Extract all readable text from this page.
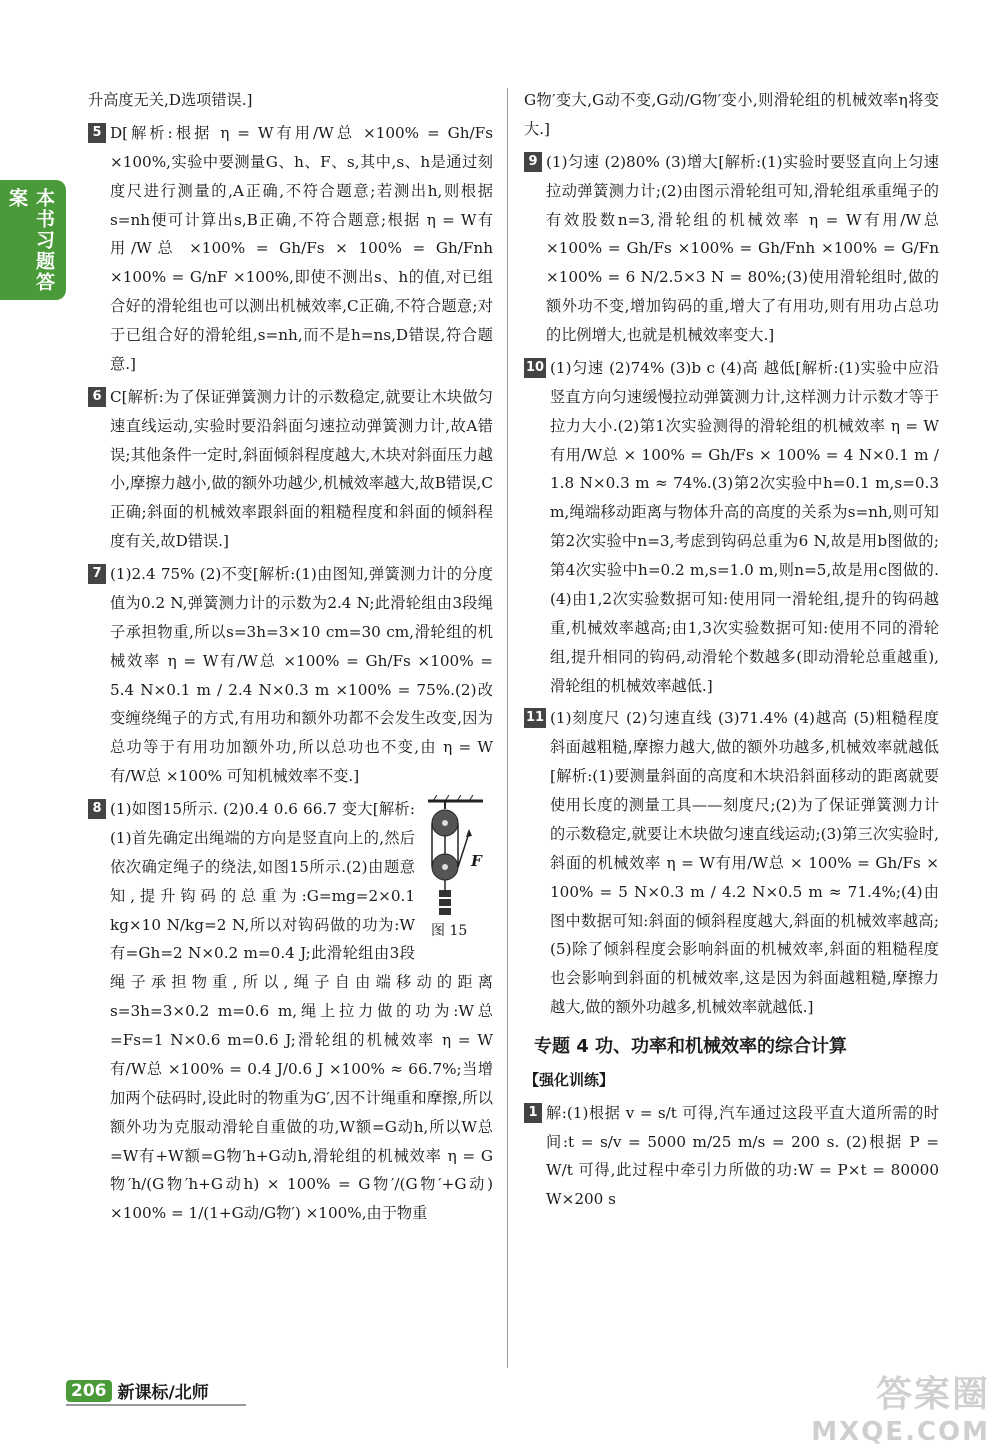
本书习题答案

升高度无关,D选项错误.]

5 D[解析:根据 η = W有用/W总 ×100% = Gh/Fs ×100%,实验中要测量G、h、F、s,其中,s、h是通过刻度尺进行测量的,A正确,不符合题意;若测出h,则根据s=nh便可计算出s,B正确,不符合题意;根据 η = W有用/W总 ×100% = Gh/Fs × 100% = Gh/Fnh ×100% = G/nF ×100%,即使不测出s、h的值,对已组合好的滑轮组也可以测出机械效率,C正确,不符合题意;对于已组合好的滑轮组,s=nh,而不是h=ns,D错误,符合题意.]

6 C[解析:为了保证弹簧测力计的示数稳定,就要让木块做匀速直线运动,实验时要沿斜面匀速拉动弹簧测力计,故A错误;其他条件一定时,斜面倾斜程度越大,木块对斜面压力越小,摩擦力越小,做的额外功越少,机械效率越大,故B错误,C正确;斜面的机械效率跟斜面的粗糙程度和斜面的倾斜程度有关,故D错误.]

7 (1)2.4 75% (2)不变[解析:(1)由图知,弹簧测力计的分度值为0.2 N,弹簧测力计的示数为2.4 N;此滑轮组由3段绳子承担物重,所以s=3h=3×10 cm=30 cm,滑轮组的机械效率 η = W有/W总 ×100% = Gh/Fs ×100% = 5.4 N×0.1 m / 2.4 N×0.3 m ×100% = 75%.(2)改变缠绕绳子的方式,有用功和额外功都不会发生改变,因为总功等于有用功加额外功,所以总功也不变,由 η = W有/W总 ×100% 可知机械效率不变.]

8
F
图 15

(1)如图15所示. (2)0.4 0.6 66.7 变大[解析:(1)首先确定出绳端的方向是竖直向上的,然后依次确定绳子的绕法,如图15所示.(2)由题意知,提升钩码的总重为:G=mg=2×0.1 kg×10 N/kg=2 N,所以对钩码做的功为:W有=Gh=2 N×0.2 m=0.4 J;此滑轮组由3段绳子承担物重,所以,绳子自由端移动的距离 s=3h=3×0.2 m=0.6 m,绳上拉力做的功为:W总=Fs=1 N×0.6 m=0.6 J;滑轮组的机械效率 η = W有/W总 ×100% = 0.4 J/0.6 J ×100% ≈ 66.7%;当增加两个砝码时,设此时的物重为G′,因不计绳重和摩擦,所以额外功为克服动滑轮自重做的功,W额=G动h,所以W总=W有+W额=G物′h+G动h,滑轮组的机械效率 η = G物′h/(G物′h+G动h) × 100% = G物′/(G物′+G动) ×100% = 1/(1+G动/G物′) ×100%,由于物重

G物′变大,G动不变,G动/G物′变小,则滑轮组的机械效率η将变大.]

9 (1)匀速 (2)80% (3)增大[解析:(1)实验时要竖直向上匀速拉动弹簧测力计;(2)由图示滑轮组可知,滑轮组承重绳子的有效股数n=3,滑轮组的机械效率 η = W有用/W总 ×100% = Gh/Fs ×100% = Gh/Fnh ×100% = G/Fn ×100% = 6 N/2.5×3 N = 80%;(3)使用滑轮组时,做的额外功不变,增加钩码的重,增大了有用功,则有用功占总功的比例增大,也就是机械效率变大.]

10 (1)匀速 (2)74% (3)b c (4)高 越低[解析:(1)实验中应沿竖直方向匀速缓慢拉动弹簧测力计,这样测力计示数才等于拉力大小.(2)第1次实验测得的滑轮组的机械效率 η = W有用/W总 × 100% = Gh/Fs × 100% = 4 N×0.1 m / 1.8 N×0.3 m ≈ 74%.(3)第2次实验中h=0.1 m,s=0.3 m,绳端移动距离与物体升高的高度的关系为s=nh,则可知第2次实验中n=3,考虑到钩码总重为6 N,故是用b图做的;第4次实验中h=0.2 m,s=1.0 m,则n=5,故是用c图做的.(4)由1,2次实验数据可知:使用同一滑轮组,提升的钩码越重,机械效率越高;由1,3次实验数据可知:使用不同的滑轮组,提升相同的钩码,动滑轮个数越多(即动滑轮总重越重),滑轮组的机械效率越低.]

11 (1)刻度尺 (2)匀速直线 (3)71.4% (4)越高 (5)粗糙程度 斜面越粗糙,摩擦力越大,做的额外功越多,机械效率就越低[解析:(1)要测量斜面的高度和木块沿斜面移动的距离就要使用长度的测量工具——刻度尺;(2)为了保证弹簧测力计的示数稳定,就要让木块做匀速直线运动;(3)第三次实验时,斜面的机械效率 η = W有用/W总 × 100% = Gh/Fs × 100% = 5 N×0.3 m / 4.2 N×0.5 m ≈ 71.4%;(4)由图中数据可知:斜面的倾斜程度越大,斜面的机械效率越高;(5)除了倾斜程度会影响斜面的机械效率,斜面的粗糙程度也会影响到斜面的机械效率,这是因为斜面越粗糙,摩擦力越大,做的额外功越多,机械效率就越低.]

专题 4 功、功率和机械效率的综合计算
【强化训练】
1 解:(1)根据 v = s/t 可得,汽车通过这段平直大道所需的时间:t = s/v = 5000 m/25 m/s = 200 s. (2)根据 P = W/t 可得,此过程中牵引力所做的功:W = P×t = 80000 W×200 s

206 新课标/北师	答案圈
MXQE.COM
